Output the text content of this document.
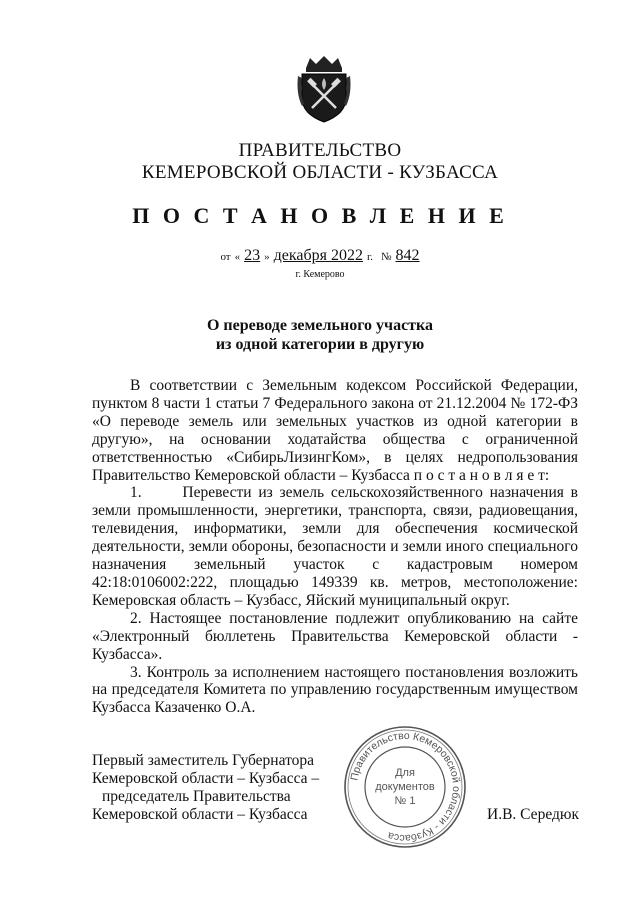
ПРАВИТЕЛЬСТВО
КЕМЕРОВСКОЙ ОБЛАСТИ - КУЗБАССА
П О С Т А Н О В Л Е Н И Е
от « 23 » декабря 2022 г. № 842
г. Кемерово
О переводе земельного участка
из одной категории в другую

В соответствии с Земельным кодексом Российской Федерации, пунктом 8 части 1 статьи 7 Федерального закона от 21.12.2004 № 172-ФЗ «О переводе земель или земельных участков из одной категории в другую», на основании ходатайства общества с ограниченной ответственностью «СибирьЛизингКом», в целях недропользования Правительство Кемеровской области – Кузбасса п о с т а н о в л я е т:

1.      Перевести из земель сельскохозяйственного назначения в земли промышленности, энергетики, транспорта, связи, радиовещания, телевидения, информатики, земли для обеспечения космической деятельности, земли обороны, безопасности и земли иного специального назначения земельный участок с кадастровым номером 42:18:0106002:222, площадью 149339 кв. метров, местоположение: Кемеровская область – Кузбасс, Яйский муниципальный округ.

2. Настоящее постановление подлежит опубликованию на сайте «Электронный бюллетень Правительства Кемеровской области - Кузбасса».

3. Контроль за исполнением настоящего постановления возложить на председателя Комитета по управлению государственным имуществом Кузбасса Казаченко О.А.

Первый заместитель Губернатора
Кемеровской области – Кузбасса –
председатель Правительства
Кемеровской области – Кузбасса	И.В. Середюк
Правительство Кемеровской области - Кузбасса
Для
документов
№ 1
